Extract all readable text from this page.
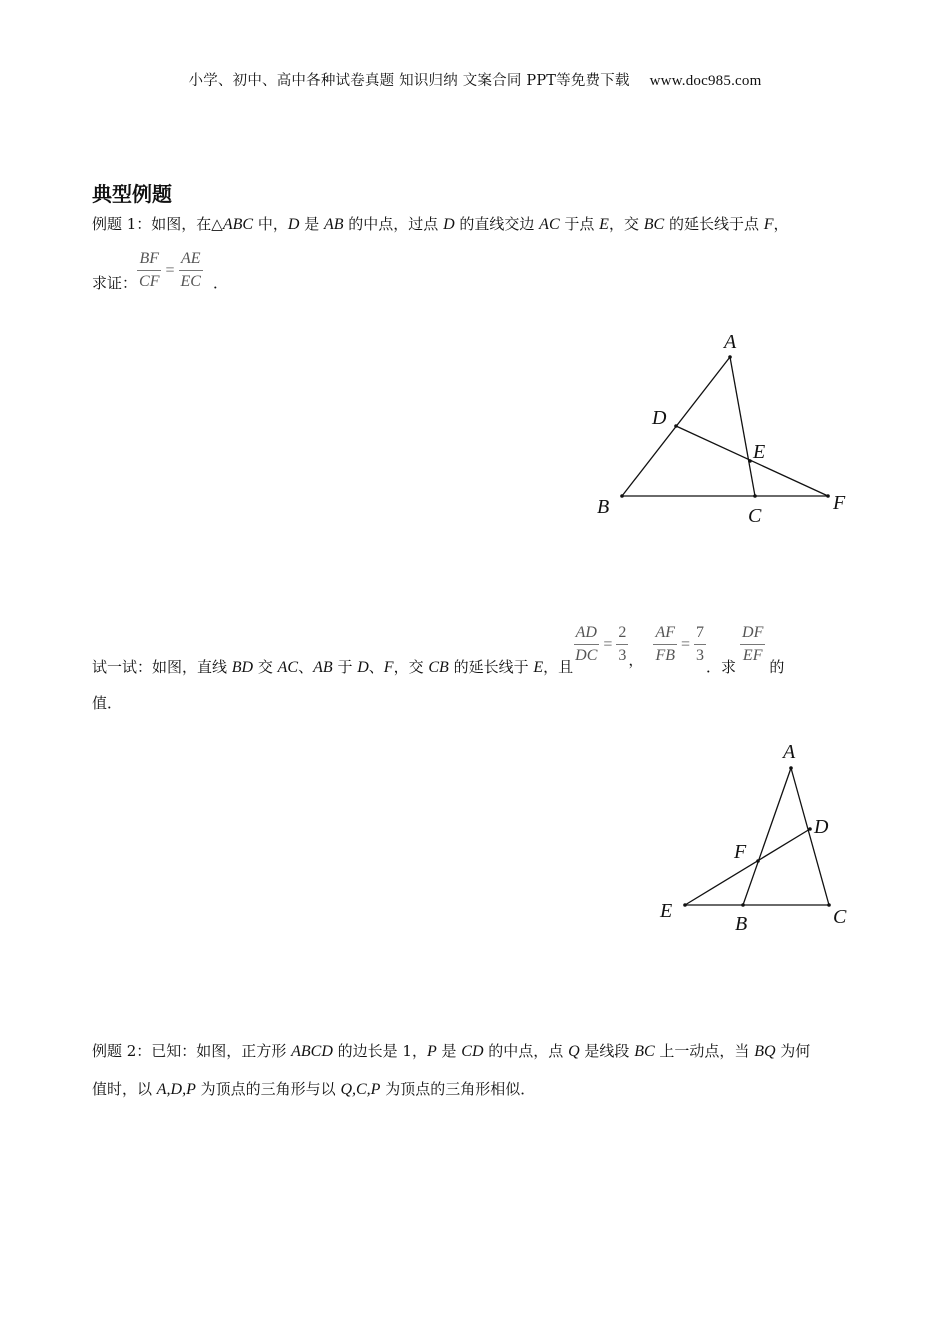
小学、初中、高中各种试卷真题 知识归纳 文案合同 PPT等免费下载 www.doc985.com
典型例题
例题 1：如图，在△ABC 中，D 是 AB 的中点，过点 D 的直线交边 AC 于点 E，交 BC 的延长线于点 F，
求证： $\frac{BF}{CF} = \frac{AE}{EC}$ ．
A
B	C
D
E
F
试一试：如图，直线 BD 交 AC、AB 于 D、F，交 CB 的延长线于 E，且
$\frac{AD}{DC} = \frac{2}{3}$ ， $\frac{AF}{FB} = \frac{7}{3}$
．求
$\frac{DF}{EF}$
的
值．
A
B	C
D
E
F
例题 2：已知：如图，正方形 ABCD 的边长是 1，P 是 CD 的中点，点 Q 是线段 BC 上一动点，当 BQ 为何
值时，以 A,D,P 为顶点的三角形与以 Q,C,P 为顶点的三角形相似．
